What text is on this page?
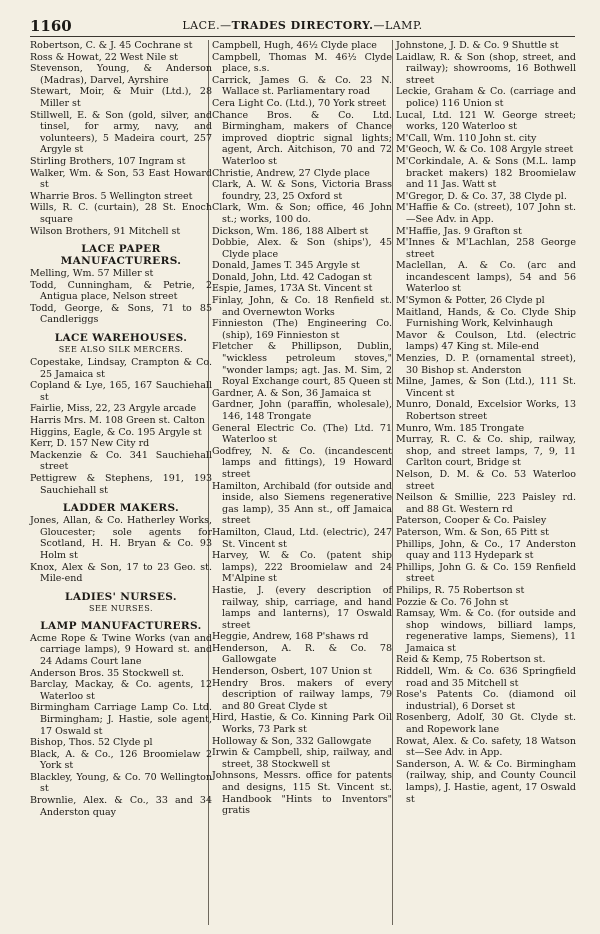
1160	LACE.—TRADES DIRECTORY.—LAMP.
Robertson, C. & J. 45 Cochrane st
Ross & Howat, 22 West Nile st
Stevenson, Young, & Anderson (Madras), Darvel, Ayrshire
Stewart, Moir, & Muir (Ltd.), 28 Miller st
Stillwell, E. & Son (gold, silver, and tinsel, for army, navy, and volunteers), 5 Madeira court, 257 Argyle st
Stirling Brothers, 107 Ingram st
Walker, Wm. & Son, 53 East Howard st
Wharrie Bros. 5 Wellington street
Wills, R. C. (curtain), 28 St. Enoch square
Wilson Brothers, 91 Mitchell st
LACE PAPER MANUFACTURERS.
Melling, Wm. 57 Miller st
Todd, Cunningham, & Petrie, 2 Antigua place, Nelson street
Todd, George, & Sons, 71 to 85 Candleriggs
LACE WAREHOUSES.
SEE ALSO SILK MERCERS.
Copestake, Lindsay, Crampton & Co. 25 Jamaica st
Copland & Lye, 165, 167 Sauchiehall st
Fairlie, Miss, 22, 23 Argyle arcade
Harris Mrs. M. 108 Green st. Calton
Higgins, Eagle, & Co. 195 Argyle st
Kerr, D. 157 New City rd
Mackenzie & Co. 341 Sauchiehall street
Pettigrew & Stephens, 191, 193 Sauchiehall st
LADDER MAKERS.
Jones, Allan, & Co. Hatherley Works, Gloucester; sole agents for Scotland, H. H. Bryan & Co. 93 Holm st
Knox, Alex & Son, 17 to 23 Geo. st. Mile-end
LADIES' NURSES.
SEE NURSES.
LAMP MANUFACTURERS.
Acme Rope & Twine Works (van and carriage lamps), 9 Howard st. and 24 Adams Court lane
Anderson Bros. 35 Stockwell st.
Barclay, Mackay, & Co. agents, 12 Waterloo st
Birmingham Carriage Lamp Co. Ltd. Birmingham; J. Hastie, sole agent, 17 Oswald st
Bishop, Thos. 52 Clyde pl
Black, A. & Co., 126 Broomielaw 2 York st
Blackley, Young, & Co. 70 Wellington st
Brownlie, Alex. & Co., 33 and 34 Anderston quay
Campbell, Hugh, 46½ Clyde place
Campbell, Thomas M. 46½ Clyde place, s.s.
Carrick, James G. & Co. 23 N. Wallace st. Parliamentary road
Cera Light Co. (Ltd.), 70 York street
Chance Bros. & Co. Ltd. Birmingham, makers of Chance improved dioptric signal lights; agent, Arch. Aitchison, 70 and 72 Waterloo st
Christie, Andrew, 27 Clyde place
Clark, A. W. & Sons, Victoria Brass foundry, 23, 25 Oxford st
Clark, Wm. & Son; office, 46 John st.; works, 100 do.
Dickson, Wm. 186, 188 Albert st
Dobbie, Alex. & Son (ships'), 45 Clyde place
Donald, James T. 345 Argyle st
Donald, John, Ltd. 42 Cadogan st
Espie, James, 173A St. Vincent st
Finlay, John, & Co. 18 Renfield st. and Overnewton Works
Finnieston (The) Engineering Co. (ship), 169 Finnieston st
Fletcher & Phillipson, Dublin, "wickless petroleum stoves," "wonder lamps; agt. Jas. M. Sim, 2 Royal Exchange court, 85 Queen st
Gardner, A. & Son, 36 Jamaica st
Gardner, John (paraffin, wholesale), 146, 148 Trongate
General Electric Co. (The) Ltd. 71 Waterloo st
Godfrey, N. & Co. (incandescent lamps and fittings), 19 Howard street
Hamilton, Archibald (for outside and inside, also Siemens regenerative gas lamp), 35 Ann st., off Jamaica street
Hamilton, Claud, Ltd. (electric), 247 St. Vincent st
Harvey, W. & Co. (patent ship lamps), 222 Broomielaw and 24 M'Alpine st
Hastie, J. (every description of railway, ship, carriage, and hand lamps and lanterns), 17 Oswald street
Heggie, Andrew, 168 P'shaws rd
Henderson, A. R. & Co. 78 Gallowgate
Henderson, Osbert, 107 Union st
Hendry Bros. makers of every description of railway lamps, 79 and 80 Great Clyde st
Hird, Hastie, & Co. Kinning Park Oil Works, 73 Park st
Holloway & Son, 332 Gallowgate
Irwin & Campbell, ship, railway, and street, 38 Stockwell st
Johnsons, Messrs. office for patents and designs, 115 St. Vincent st. Handbook "Hints to Inventors" gratis
Johnstone, J. D. & Co. 9 Shuttle st
Laidlaw, R. & Son (shop, street, and railway); showrooms, 16 Bothwell street
Leckie, Graham & Co. (carriage and police) 116 Union st
Lucal, Ltd. 121 W. George street; works, 120 Waterloo st
M'Call, Wm. 110 John st. city
M'Geoch, W. & Co. 108 Argyle street
M'Corkindale, A. & Sons (M.L. lamp bracket makers) 182 Broomielaw and 11 Jas. Watt st
M'Gregor, D. & Co. 37, 38 Clyde pl.
M'Haffie & Co. (street), 107 John st.—See Adv. in App.
M'Haffie, Jas. 9 Grafton st
M'Innes & M'Lachlan, 258 George street
Maclellan, A. & Co. (arc and incandescent lamps), 54 and 56 Waterloo st
M'Symon & Potter, 26 Clyde pl
Maitland, Hands, & Co. Clyde Ship Furnishing Work, Kelvinhaugh
Mavor & Coulson, Ltd. (electric lamps) 47 King st. Mile-end
Menzies, D. P. (ornamental street), 30 Bishop st. Anderston
Milne, James, & Son (Ltd.), 111 St. Vincent st
Munro, Donald, Excelsior Works, 13 Robertson street
Munro, Wm. 185 Trongate
Murray, R. C. & Co. ship, railway, shop, and street lamps, 7, 9, 11 Carlton court, Bridge st
Nelson, D. M. & Co. 53 Waterloo street
Neilson & Smillie, 223 Paisley rd. and 88 Gt. Western rd
Paterson, Cooper & Co. Paisley
Paterson, Wm. & Son, 65 Pitt st
Phillips, John, & Co., 17 Anderston quay and 113 Hydepark st
Phillips, John G. & Co. 159 Renfield street
Philips, R. 75 Robertson st
Pozzie & Co. 76 John st
Ramsay, Wm. & Co. (for outside and shop windows, billiard lamps, regenerative lamps, Siemens), 11 Jamaica st
Reid & Kemp, 75 Robertson st.
Riddell, Wm. & Co. 636 Springfield road and 35 Mitchell st
Rose's Patents Co. (diamond oil industrial), 6 Dorset st
Rosenberg, Adolf, 30 Gt. Clyde st. and Ropework lane
Rowat, Alex. & Co. safety, 18 Watson st—See Adv. in App.
Sanderson, A. W. & Co. Birmingham (railway, ship, and County Council lamps), J. Hastie, agent, 17 Oswald st
